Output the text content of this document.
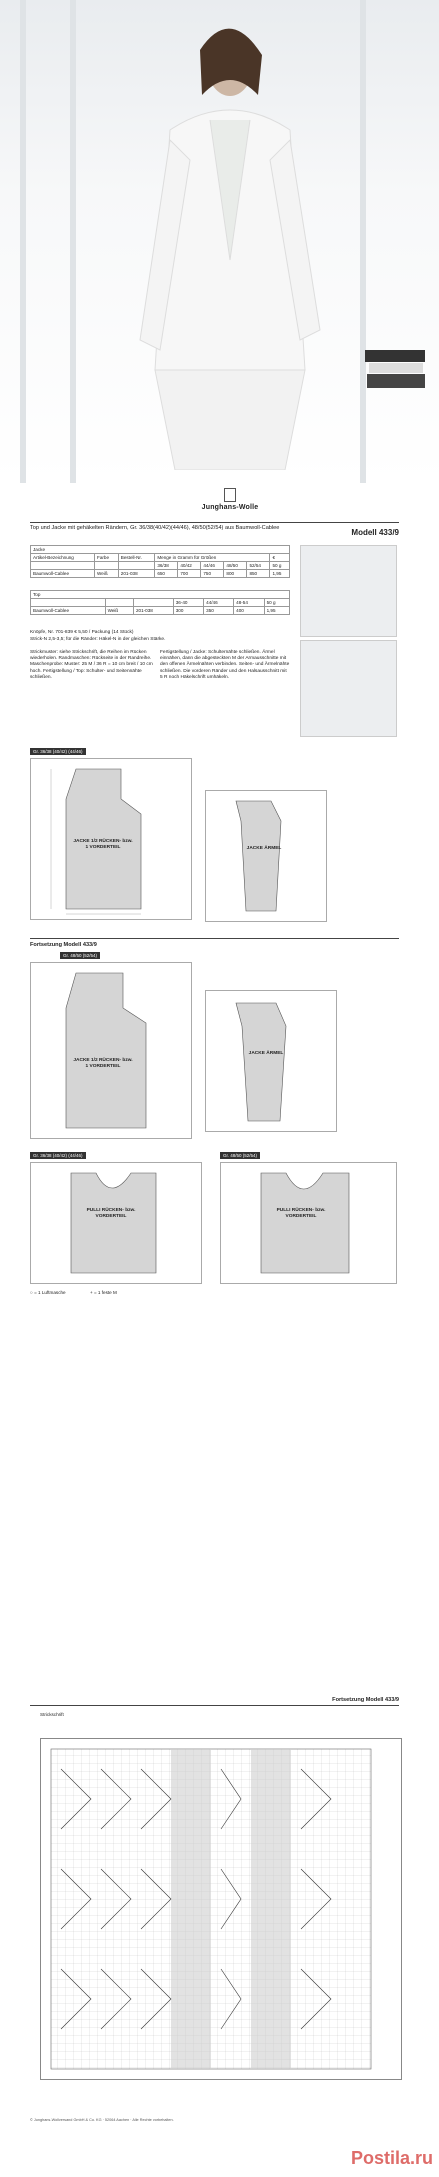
Junghans-Wolle
Top und Jacke mit gehäkelten Rändern, Gr. 36/38(40/42)(44/46), 48/50(52/54) aus Baumwoll-Cablee	Modell 433/9
Jacke								
Artikel-Bezeichnung	Farbe	Bestell-Nr.	Menge in Gramm für Größen					€
			36/38	40/42	44/46	48/50	52/54	50 g
Baumwoll-Cablee	Weiß	201-038	650	700	750	800	850	1,95
Top						
			36-40	44/46	48-54	50 g
Baumwoll-Cablee	Weiß	201-038	300	350	400	1,95
Knöpfe, Nr. 701-839 € 5,50 / Packung (14 Stück)
Strick-N 2,5-3,5; für die Ränder: Häkel-N in der gleichen Stärke.
Strickmuster: siehe Strickschrift, die Reihen im Rücken wiederholen. Randmaschen: Rückseite in der Randreihe. Maschenprobe: Muster: 25 M / 36 R = 10 cm breit / 10 cm hoch. Fertigstellung / Top: Schulter- und Seitennähte schließen.
Fertigstellung / Jacke: Schulternähte schließen. Ärmel einnähen, dann die abgesteckten M der Armausschnitte mit den offenen Ärmelnähten verbinden. Seiten- und Ärmelnähte schließen. Die vorderen Ränder und den Halsausschnitt mit 5 R noch Häkelschrift umhäkeln.
Gr. 36/38 (40/42) (44/46)
JACKE 1/2 RÜCKEN- bzw. 1 VORDERTEIL	JACKE ÄRMEL
Fortsetzung Modell 433/9
Gr. 48/50 (52/54)
JACKE 1/2 RÜCKEN- bzw. 1 VORDERTEIL
JACKE ÄRMEL
Gr. 36/38 (40/42) (44/46)	Gr. 48/50 (52/54)
PULLI RÜCKEN- bzw. VORDERTEIL
PULLI RÜCKEN- bzw. VORDERTEIL
○ = 1 Luftmasche	+ = 1 feste M
Fortsetzung Modell 433/9
Strickschrift
© Junghans-Wollversand GmbH & Co. KG · 52064 Aachen · Alle Rechte vorbehalten.
Postila.ru
